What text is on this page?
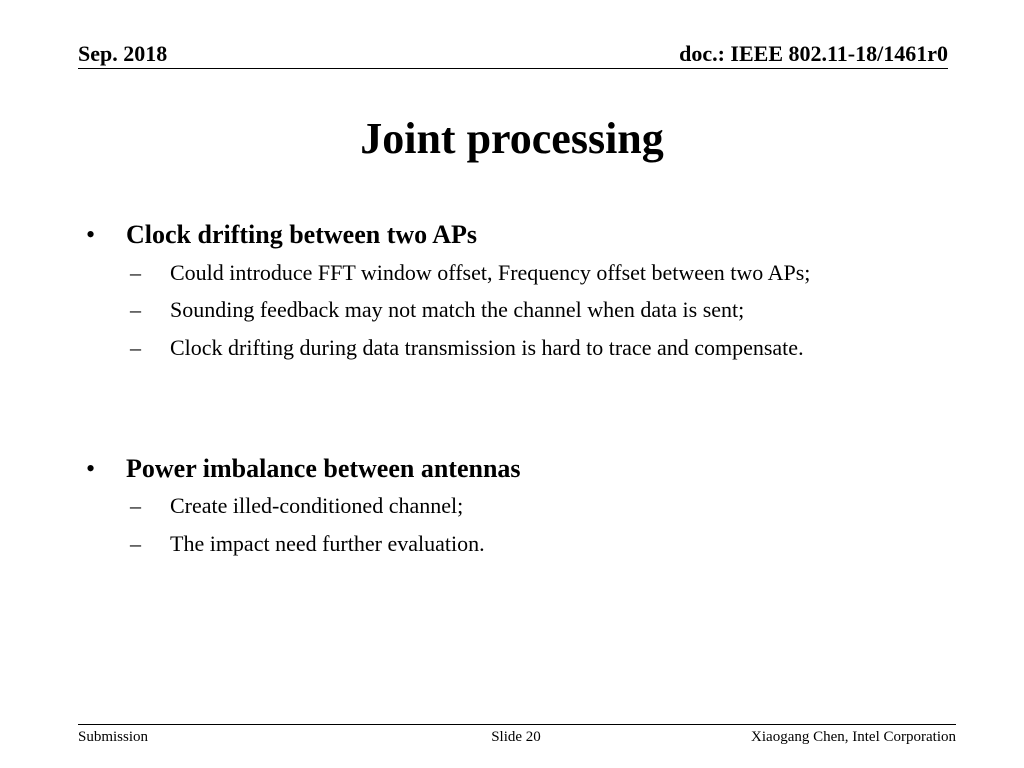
Sep. 2018	doc.: IEEE 802.11-18/1461r0
Joint processing
•	Clock drifting between two APs
– Could introduce FFT window offset, Frequency offset between two APs;
– Sounding feedback may not match the channel when data is sent;
– Clock drifting during data transmission is hard to trace and compensate.
•	Power imbalance between antennas
– Create illed-conditioned channel;
– The impact need further evaluation.
Submission	Slide 20	Xiaogang Chen, Intel Corporation
